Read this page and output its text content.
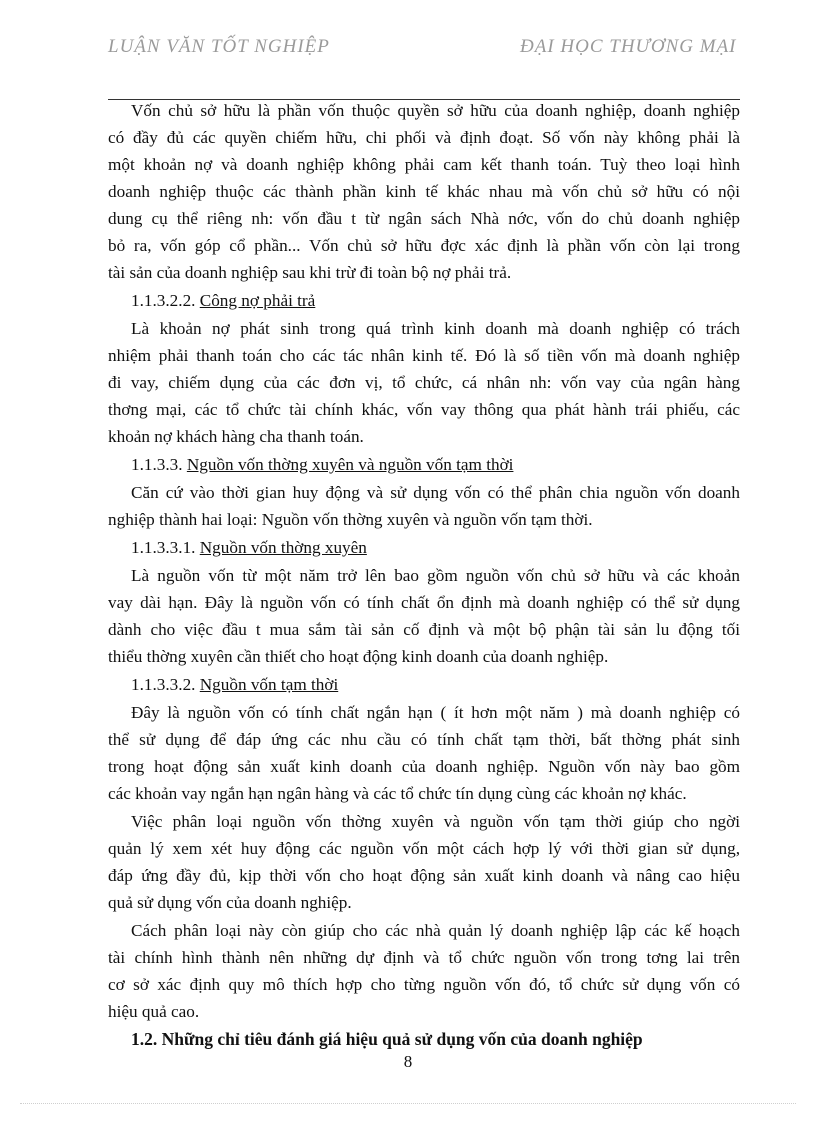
LUẬN VĂN TỐT NGHIỆP	ĐẠI HỌC THƯƠNG MẠI
Vốn chủ sở hữu là phần vốn thuộc quyền sở hữu của doanh nghiệp, doanh nghiệp
có đầy đủ các quyền chiếm hữu, chi phối và định đoạt. Số vốn này không phải là
một khoản nợ và doanh nghiệp không phải cam kết thanh toán. Tuỳ theo loại hình
doanh nghiệp thuộc các thành phần kinh tế khác nhau mà vốn chủ sở hữu có nội
dung cụ thể riêng nh: vốn đầu t từ ngân sách Nhà nớc, vốn do chủ doanh nghiệp
bỏ ra, vốn góp cổ phần... Vốn chủ sở hữu đợc xác định là phần vốn còn lại trong
tài sản của doanh nghiệp sau khi trừ đi toàn bộ nợ phải trả.
1.1.3.2.2. Công nợ phải trả
Là khoản nợ phát sinh trong quá trình kinh doanh mà doanh nghiệp có trách
nhiệm phải thanh toán cho các tác nhân kinh tế. Đó là số tiền vốn mà doanh nghiệp
đi vay, chiếm dụng của các đơn vị, tổ chức, cá nhân nh: vốn vay của ngân hàng
thơng mại, các tổ chức tài chính khác, vốn vay thông qua phát hành trái phiếu, các
khoản nợ khách hàng cha thanh toán.
1.1.3.3. Nguồn vốn thờng xuyên và nguồn vốn tạm thời
Căn cứ vào thời gian huy động và sử dụng vốn có thể phân chia nguồn vốn doanh
nghiệp thành hai loại: Nguồn vốn thờng xuyên và nguồn vốn tạm thời.
1.1.3.3.1. Nguồn vốn thờng xuyên
Là nguồn vốn từ một năm trở lên bao gồm nguồn vốn chủ sở hữu và các khoản
vay dài hạn. Đây là nguồn vốn có tính chất ổn định mà doanh nghiệp có thể sử dụng
dành cho việc đầu t mua sắm tài sản cố định và một bộ phận tài sản lu động tối
thiểu thờng xuyên cần thiết cho hoạt động kinh doanh của doanh nghiệp.
1.1.3.3.2. Nguồn vốn tạm thời
Đây là nguồn vốn có tính chất ngắn hạn ( ít hơn một năm ) mà doanh nghiệp có
thể sử dụng để đáp ứng các nhu cầu có tính chất tạm thời, bất thờng phát sinh
trong hoạt động sản xuất kinh doanh của doanh nghiệp. Nguồn vốn này bao gồm
các khoản vay ngắn hạn ngân hàng và các tổ chức tín dụng cùng các khoản nợ khác.
Việc phân loại nguồn vốn thờng xuyên và nguồn vốn tạm thời giúp cho ngời
quản lý xem xét huy động các nguồn vốn một cách hợp lý với thời gian sử dụng,
đáp ứng đầy đủ, kịp thời vốn cho hoạt động sản xuất kinh doanh và nâng cao hiệu
quả sử dụng vốn của doanh nghiệp.
Cách phân loại này còn giúp cho các nhà quản lý doanh nghiệp lập các kế hoạch
tài chính hình thành nên những dự định và tổ chức nguồn vốn trong tơng lai trên
cơ sở xác định quy mô thích hợp cho từng nguồn vốn đó, tổ chức sử dụng vốn có
hiệu quả cao.
1.2. Những chỉ tiêu đánh giá hiệu quả sử dụng vốn của doanh nghiệp
8
